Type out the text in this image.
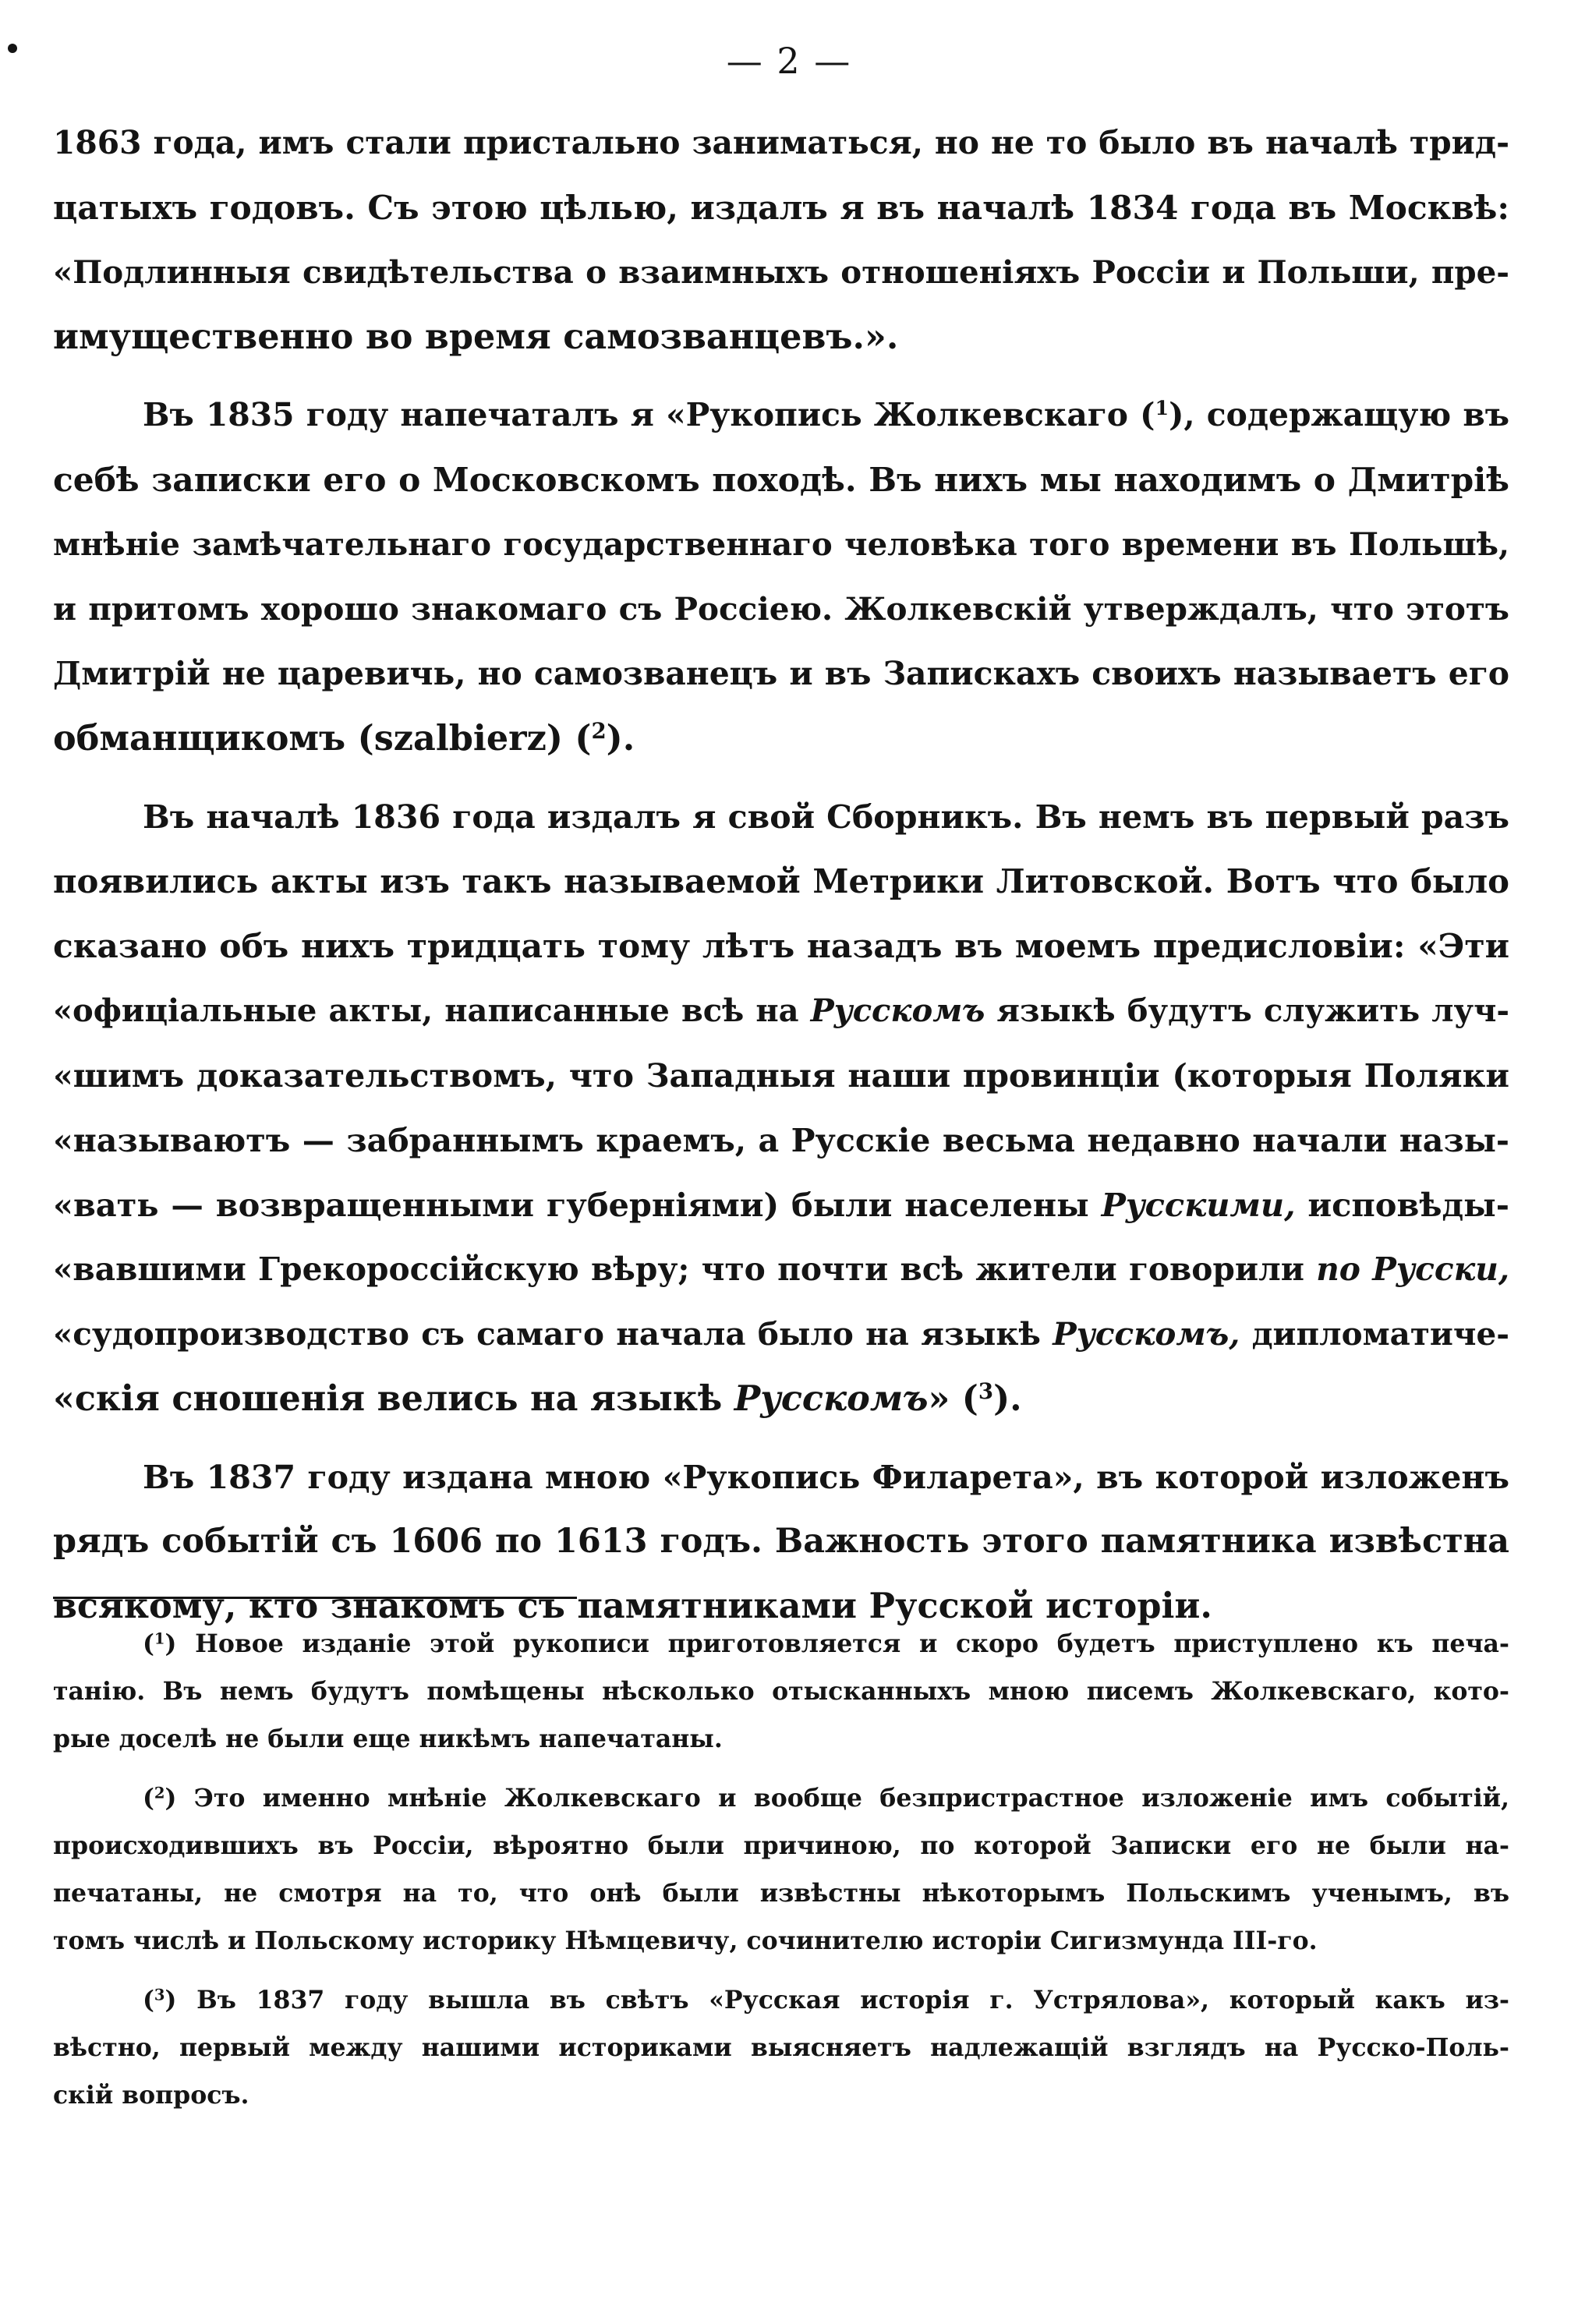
— 2 —
1863 года, имъ стали пристально заниматься, но не то было въ началѣ трид-
цатыхъ годовъ. Съ этою цѣлью, издалъ я въ началѣ 1834 года въ Москвѣ:
«Подлинныя свидѣтельства о взаимныхъ отношеніяхъ Россіи и Польши, пре-
имущественно во время самозванцевъ.».
Въ 1835 году напечаталъ я «Рукопись Жолкевскаго ($^1$), содержащую въ
себѣ записки его о Московскомъ походѣ. Въ нихъ мы находимъ о Дмитріѣ
мнѣніе замѣчательнаго государственнаго человѣка того времени въ Польшѣ,
и притомъ хорошо знакомаго съ Россіею. Жолкевскій утверждалъ, что этотъ
Дмитрій не царевичь, но самозванецъ и въ Запискахъ своихъ называетъ его
обманщикомъ (szalbierz) ($^2$).
Въ началѣ 1836 года издалъ я свой Сборникъ. Въ немъ въ первый разъ
появились акты изъ такъ называемой Метрики Литовской. Вотъ что было
сказано объ нихъ тридцать тому лѣтъ назадъ въ моемъ предисловіи: «Эти
«офиціальные акты, написанные всѣ на Русскомъ языкѣ будутъ служить луч-
«шимъ доказательствомъ, что Западныя наши провинціи (которыя Поляки
«называютъ — забраннымъ краемъ, а Русскіе весьма недавно начали назы-
«вать — возвращенными губерніями) были населены Русскими, исповѣды-
«вавшими Грекороссійскую вѣру; что почти всѣ жители говорили по Русски,
«судопроизводство съ самаго начала было на языкѣ Русскомъ, дипломатиче-
«скія сношенія велись на языкѣ Русскомъ» ($^3$).
Въ 1837 году издана мною «Рукопись Филарета», въ которой изложенъ
рядъ событій съ 1606 по 1613 годъ. Важность этого памятника извѣстна
всякому, кто знакомъ съ памятниками Русской исторіи.
($^1$) Новое изданіе этой рукописи приготовляется и скоро будетъ приступлено къ печа-
танію. Въ немъ будутъ помѣщены нѣсколько отысканныхъ мною писемъ Жолкевскаго, кото-
рые доселѣ не были еще никѣмъ напечатаны.
($^2$) Это именно мнѣніе Жолкевскаго и вообще безпристрастное изложеніе имъ событій,
происходившихъ въ Россіи, вѣроятно были причиною, по которой Записки его не были на-
печатаны, не смотря на то, что онѣ были извѣстны нѣкоторымъ Польскимъ ученымъ, въ
томъ числѣ и Польскому историку Нѣмцевичу, сочинителю исторіи Сигизмунда III-го.
($^3$) Въ 1837 году вышла въ свѣтъ «Русская исторія г. Устрялова», который какъ из-
вѣстно, первый между нашими историками выясняетъ надлежащій взглядъ на Русско-Поль-
скій вопросъ.
